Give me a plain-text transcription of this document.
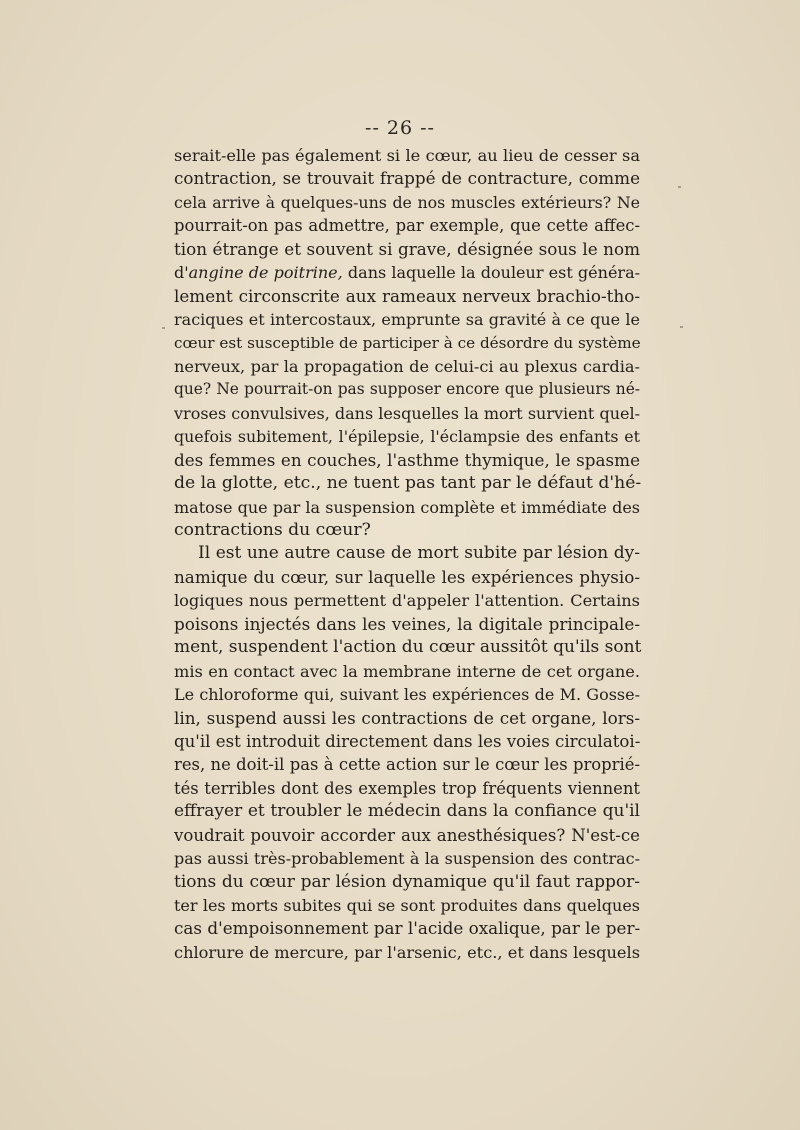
-- 26 --
serait-elle pas également si le cœur, au lieu de cesser sa
contraction, se trouvait frappé de contracture, comme
cela arrive à quelques-uns de nos muscles extérieurs? Ne
pourrait-on pas admettre, par exemple, que cette affec-
tion étrange et souvent si grave, désignée sous le nom
d'angine de poitrine, dans laquelle la douleur est généra-
lement circonscrite aux rameaux nerveux brachio-tho-
raciques et intercostaux, emprunte sa gravité à ce que le
cœur est susceptible de participer à ce désordre du système
nerveux, par la propagation de celui-ci au plexus cardia-
que? Ne pourrait-on pas supposer encore que plusieurs né-
vroses convulsives, dans lesquelles la mort survient quel-
quefois subitement, l'épilepsie, l'éclampsie des enfants et
des femmes en couches, l'asthme thymique, le spasme
de la glotte, etc., ne tuent pas tant par le défaut d'hé-
matose que par la suspension complète et immédiate des
contractions du cœur?
Il est une autre cause de mort subite par lésion dy-
namique du cœur, sur laquelle les expériences physio-
logiques nous permettent d'appeler l'attention. Certains
poisons injectés dans les veines, la digitale principale-
ment, suspendent l'action du cœur aussitôt qu'ils sont
mis en contact avec la membrane interne de cet organe.
Le chloroforme qui, suivant les expériences de M. Gosse-
lin, suspend aussi les contractions de cet organe, lors-
qu'il est introduit directement dans les voies circulatoi-
res, ne doit-il pas à cette action sur le cœur les proprié-
tés terribles dont des exemples trop fréquents viennent
effrayer et troubler le médecin dans la confiance qu'il
voudrait pouvoir accorder aux anesthésiques? N'est-ce
pas aussi très-probablement à la suspension des contrac-
tions du cœur par lésion dynamique qu'il faut rappor-
ter les morts subites qui se sont produites dans quelques
cas d'empoisonnement par l'acide oxalique, par le per-
chlorure de mercure, par l'arsenic, etc., et dans lesquels
